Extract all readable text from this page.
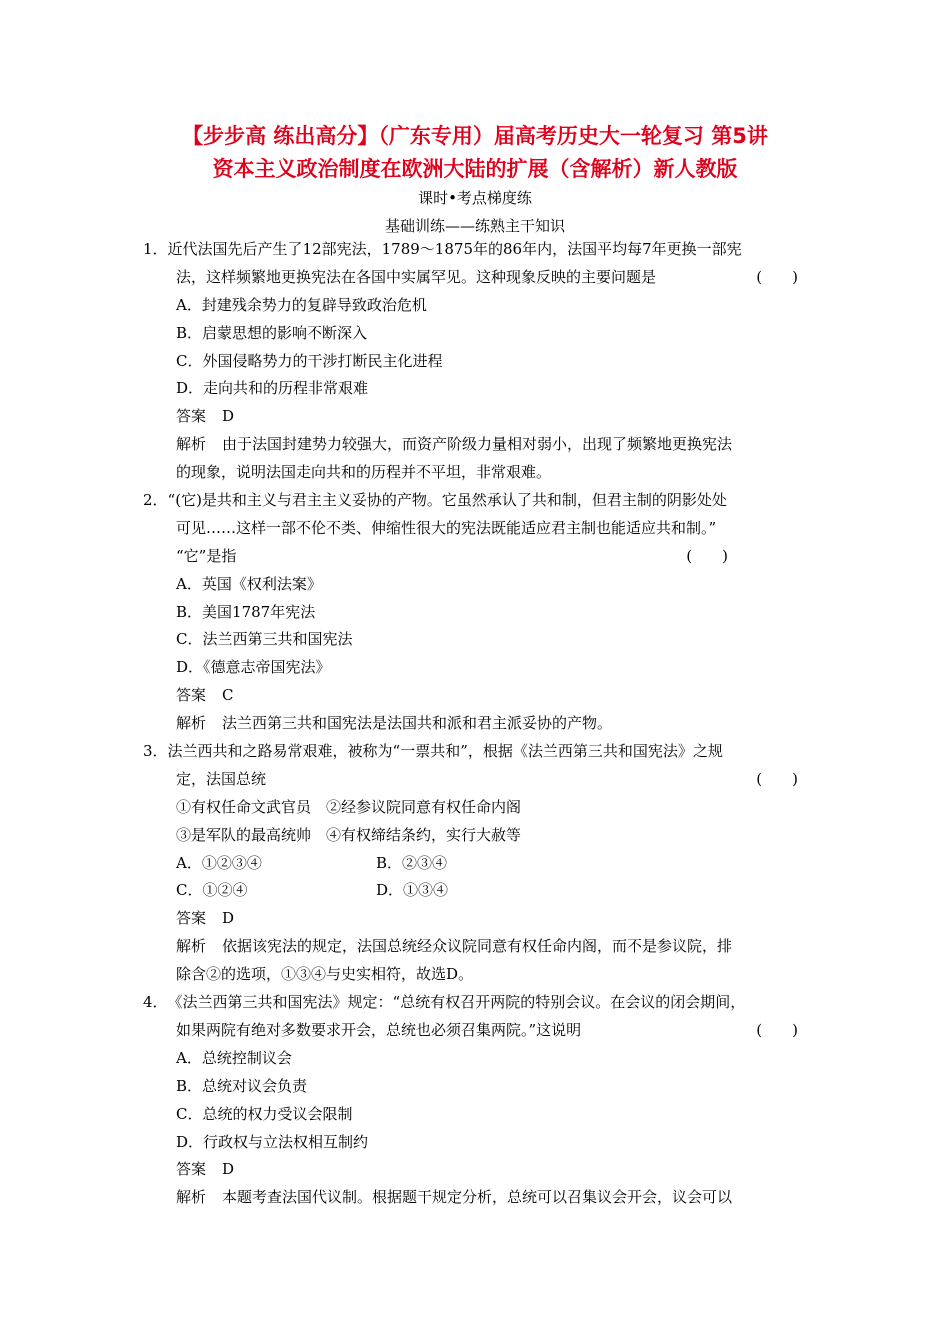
【步步高 练出高分】（广东专用）届高考历史大一轮复习 第5讲
资本主义政治制度在欧洲大陆的扩展（含解析）新人教版
课时•考点梯度练
基础训练——练熟主干知识
1．近代法国先后产生了12部宪法，1789～1875年的86年内，法国平均每7年更换一部宪
法，这样频繁地更换宪法在各国中实属罕见。这种现象反映的主要问题是	(　　)
A．封建残余势力的复辟导致政治危机
B．启蒙思想的影响不断深入
C．外国侵略势力的干涉打断民主化进程
D．走向共和的历程非常艰难
答案 D
解析 由于法国封建势力较强大，而资产阶级力量相对弱小，出现了频繁地更换宪法
的现象，说明法国走向共和的历程并不平坦，非常艰难。
2．“(它)是共和主义与君主主义妥协的产物。它虽然承认了共和制，但君主制的阴影处处
可见……这样一部不伦不类、伸缩性很大的宪法既能适应君主制也能适应共和制。”
“它”是指	(　　)
A．英国《权利法案》
B．美国1787年宪法
C．法兰西第三共和国宪法
D．《德意志帝国宪法》
答案 C
解析 法兰西第三共和国宪法是法国共和派和君主派妥协的产物。
3．法兰西共和之路易常艰难，被称为“一票共和”，根据《法兰西第三共和国宪法》之规
定，法国总统	(　　)
①有权任命文武官员　②经参议院同意有权任命内阁
③是军队的最高统帅　④有权缔结条约，实行大赦等
A．①②③④	B．②③④
C．①②④	D．①③④
答案 D
解析 依据该宪法的规定，法国总统经众议院同意有权任命内阁，而不是参议院，排
除含②的选项，①③④与史实相符，故选D。
4．《法兰西第三共和国宪法》规定：“总统有权召开两院的特别会议。在会议的闭会期间，
如果两院有绝对多数要求开会，总统也必须召集两院。”这说明	(　　)
A．总统控制议会
B．总统对议会负责
C．总统的权力受议会限制
D．行政权与立法权相互制约
答案 D
解析 本题考查法国代议制。根据题干规定分析，总统可以召集议会开会，议会可以
